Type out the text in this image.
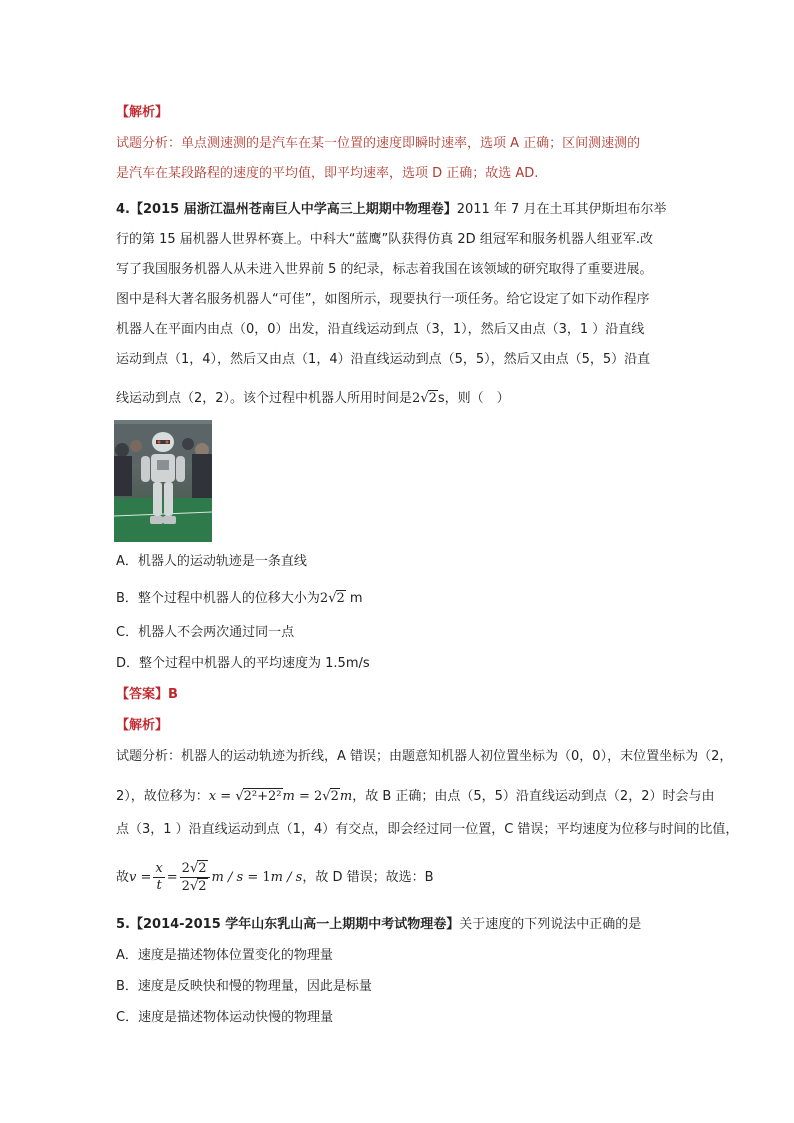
【解析】
试题分析：单点测速测的是汽车在某一位置的速度即瞬时速率，选项 A 正确；区间测速测的
是汽车在某段路程的速度的平均值，即平均速率，选项 D 正确；故选 AD.
4.【2015 届浙江温州苍南巨人中学高三上期期中物理卷】2011 年 7 月在土耳其伊斯坦布尔举
行的第 15 届机器人世界杯赛上。中科大“蓝鹰”队获得仿真 2D 组冠军和服务机器人组亚军.改
写了我国服务机器人从未进入世界前 5 的纪录，标志着我国在该领域的研究取得了重要进展。
图中是科大著名服务机器人“可佳”，如图所示，现要执行一项任务。给它设定了如下动作程序
机器人在平面内由点（0，0）出发，沿直线运动到点（3，1），然后又由点（3，1 ）沿直线
运动到点（1，4），然后又由点（1，4）沿直线运动到点（5，5），然后又由点（5，5）沿直
线运动到点（2，2）。该个过程中机器人所用时间是2√2s，则（　）
A．机器人的运动轨迹是一条直线
B．整个过程中机器人的位移大小为2√2 m
C．机器人不会两次通过同一点
D．整个过程中机器人的平均速度为 1.5m/s
【答案】B
【解析】
试题分析：机器人的运动轨迹为折线，A 错误；由题意知机器人初位置坐标为（0，0），末位置坐标为（2，
2），故位移为：x = √2²+2²m = 2√2m，故 B 正确；由点（5，5）沿直线运动到点（2，2）时会与由
点（3，1 ）沿直线运动到点（1，4）有交点，即会经过同一位置，C 错误；平均速度为位移与时间的比值，
故$v = \frac{x}{t} = \frac{2√2}{2√2}$ m / s = 1m / s，故 D 错误；故选：B
5.【2014-2015 学年山东乳山高一上期期中考试物理卷】关于速度的下列说法中正确的是
A．速度是描述物体位置变化的物理量
B．速度是反映快和慢的物理量，因此是标量
C．速度是描述物体运动快慢的物理量
